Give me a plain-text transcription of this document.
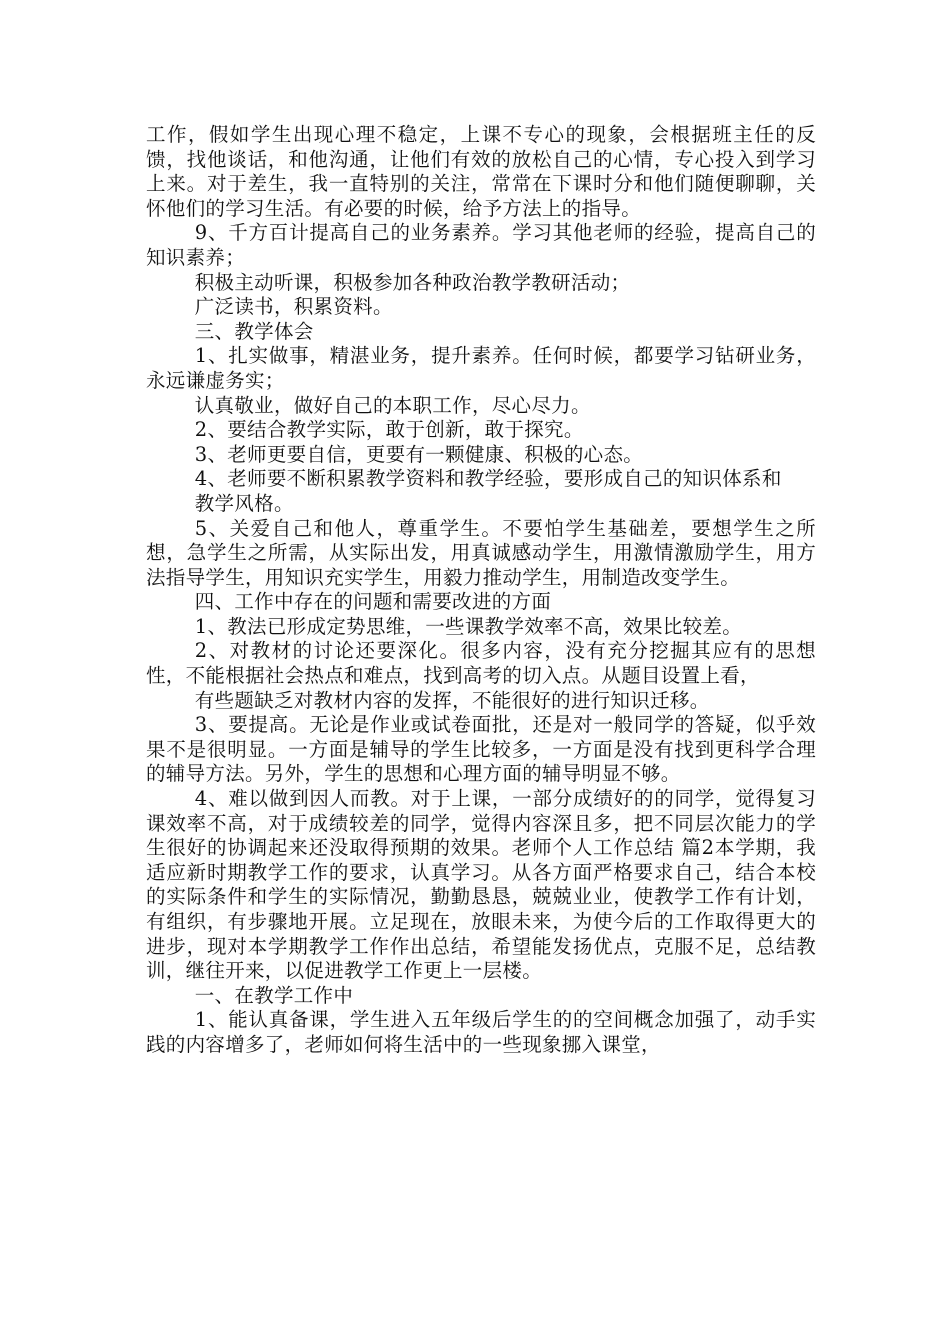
工作，假如学生出现心理不稳定，上课不专心的现象，会根据班主任的反馈，找他谈话，和他沟通，让他们有效的放松自己的心情，专心投入到学习上来。对于差生，我一直特别的关注，常常在下课时分和他们随便聊聊，关怀他们的学习生活。有必要的时候，给予方法上的指导。

9、千方百计提高自己的业务素养。学习其他老师的经验，提高自己的知识素养；

积极主动听课，积极参加各种政治教学教研活动；

广泛读书，积累资料。

三、教学体会

1、扎实做事，精湛业务，提升素养。任何时候，都要学习钻研业务，永远谦虚务实；

认真敬业，做好自己的本职工作，尽心尽力。

2、要结合教学实际，敢于创新，敢于探究。

3、老师更要自信，更要有一颗健康、积极的心态。

4、老师要不断积累教学资料和教学经验，要形成自己的知识体系和

教学风格。

5、关爱自己和他人，尊重学生。不要怕学生基础差，要想学生之所想，急学生之所需，从实际出发，用真诚感动学生，用激情激励学生，用方法指导学生，用知识充实学生，用毅力推动学生，用制造改变学生。

四、工作中存在的问题和需要改进的方面

1、教法已形成定势思维，一些课教学效率不高，效果比较差。

2、对教材的讨论还要深化。很多内容，没有充分挖掘其应有的思想性，不能根据社会热点和难点，找到高考的切入点。从题目设置上看，

有些题缺乏对教材内容的发挥，不能很好的进行知识迁移。

3、要提高。无论是作业或试卷面批，还是对一般同学的答疑，似乎效果不是很明显。一方面是辅导的学生比较多，一方面是没有找到更科学合理的辅导方法。另外，学生的思想和心理方面的辅导明显不够。

4、难以做到因人而教。对于上课，一部分成绩好的的同学，觉得复习课效率不高，对于成绩较差的同学，觉得内容深且多，把不同层次能力的学生很好的协调起来还没取得预期的效果。老师个人工作总结 篇2本学期，我适应新时期教学工作的要求，认真学习。从各方面严格要求自己，结合本校的实际条件和学生的实际情况，勤勤恳恳，兢兢业业，使教学工作有计划，有组织，有步骤地开展。立足现在，放眼未来，为使今后的工作取得更大的进步，现对本学期教学工作作出总结，希望能发扬优点，克服不足，总结教训，继往开来，以促进教学工作更上一层楼。

一、在教学工作中

1、能认真备课，学生进入五年级后学生的的空间概念加强了，动手实践的内容增多了，老师如何将生活中的一些现象挪入课堂，
